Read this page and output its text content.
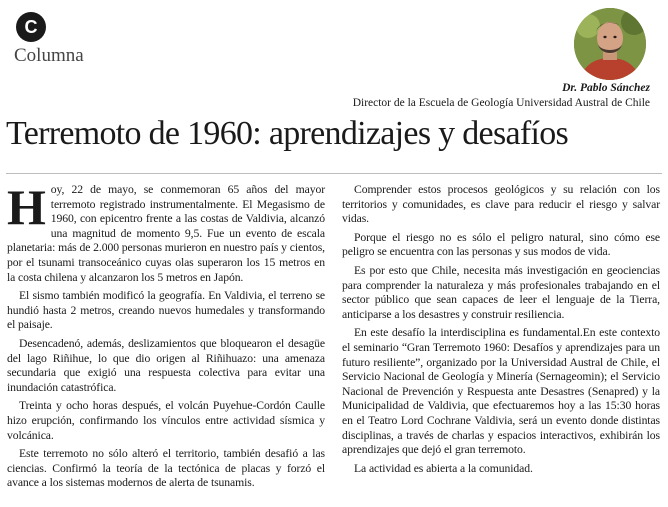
C
Columna
Dr. Pablo Sánchez
Director de la Escuela de Geología Universidad Austral de Chile
Terremoto de 1960: aprendizajes y desafíos

Hoy, 22 de mayo, se conmemoran 65 años del mayor terremoto registrado instrumentalmente. El Megasismo de 1960, con epicentro frente a las costas de Valdivia, alcanzó una magnitud de momento 9,5. Fue un evento de escala planetaria: más de 2.000 personas murieron en nuestro país y cientos, por el tsunami transoceánico cuyas olas superaron los 15 metros en la costa chilena y alcanzaron los 5 metros en Japón.

El sismo también modificó la geografía. En Valdivia, el terreno se hundió hasta 2 metros, creando nuevos humedales y transformando el paisaje.

Desencadenó, además, deslizamientos que bloquearon el desagüe del lago Riñihue, lo que dio origen al Riñihuazo: una amenaza secundaria que exigió una respuesta colectiva para evitar una inundación catastrófica.

Treinta y ocho horas después, el volcán Puyehue-Cordón Caulle hizo erupción, confirmando los vínculos entre actividad sísmica y volcánica.

Este terremoto no sólo alteró el territorio, también desafió a las ciencias. Confirmó la teoría de la tectónica de placas y forzó el avance a los sistemas modernos de alerta de tsunamis.

Comprender estos procesos geológicos y su relación con los territorios y comunidades, es clave para reducir el riesgo y salvar vidas.

Porque el riesgo no es sólo el peligro natural, sino cómo ese peligro se encuentra con las personas y sus modos de vida.

Es por esto que Chile, necesita más investigación en geociencias para comprender la naturaleza y más profesionales trabajando en el sector público que sean capaces de leer el lenguaje de la Tierra, anticiparse a los desastres y construir resiliencia.

En este desafío la interdisciplina es fundamental.En este contexto el seminario “Gran Terremoto 1960: Desafíos y aprendizajes para un futuro resiliente”, organizado por la Universidad Austral de Chile, el Servicio Nacional de Geología y Minería (Sernageomin); el Servicio Nacional de Prevención y Respuesta ante Desastres (Senapred) y la Municipalidad de Valdivia, que efectuaremos hoy a las 15:30 horas en el Teatro Lord Cochrane Valdivia, será un evento donde distintas disciplinas, a través de charlas y espacios interactivos, exhibirán los aprendizajes que dejó el gran terremoto.

La actividad es abierta a la comunidad.
